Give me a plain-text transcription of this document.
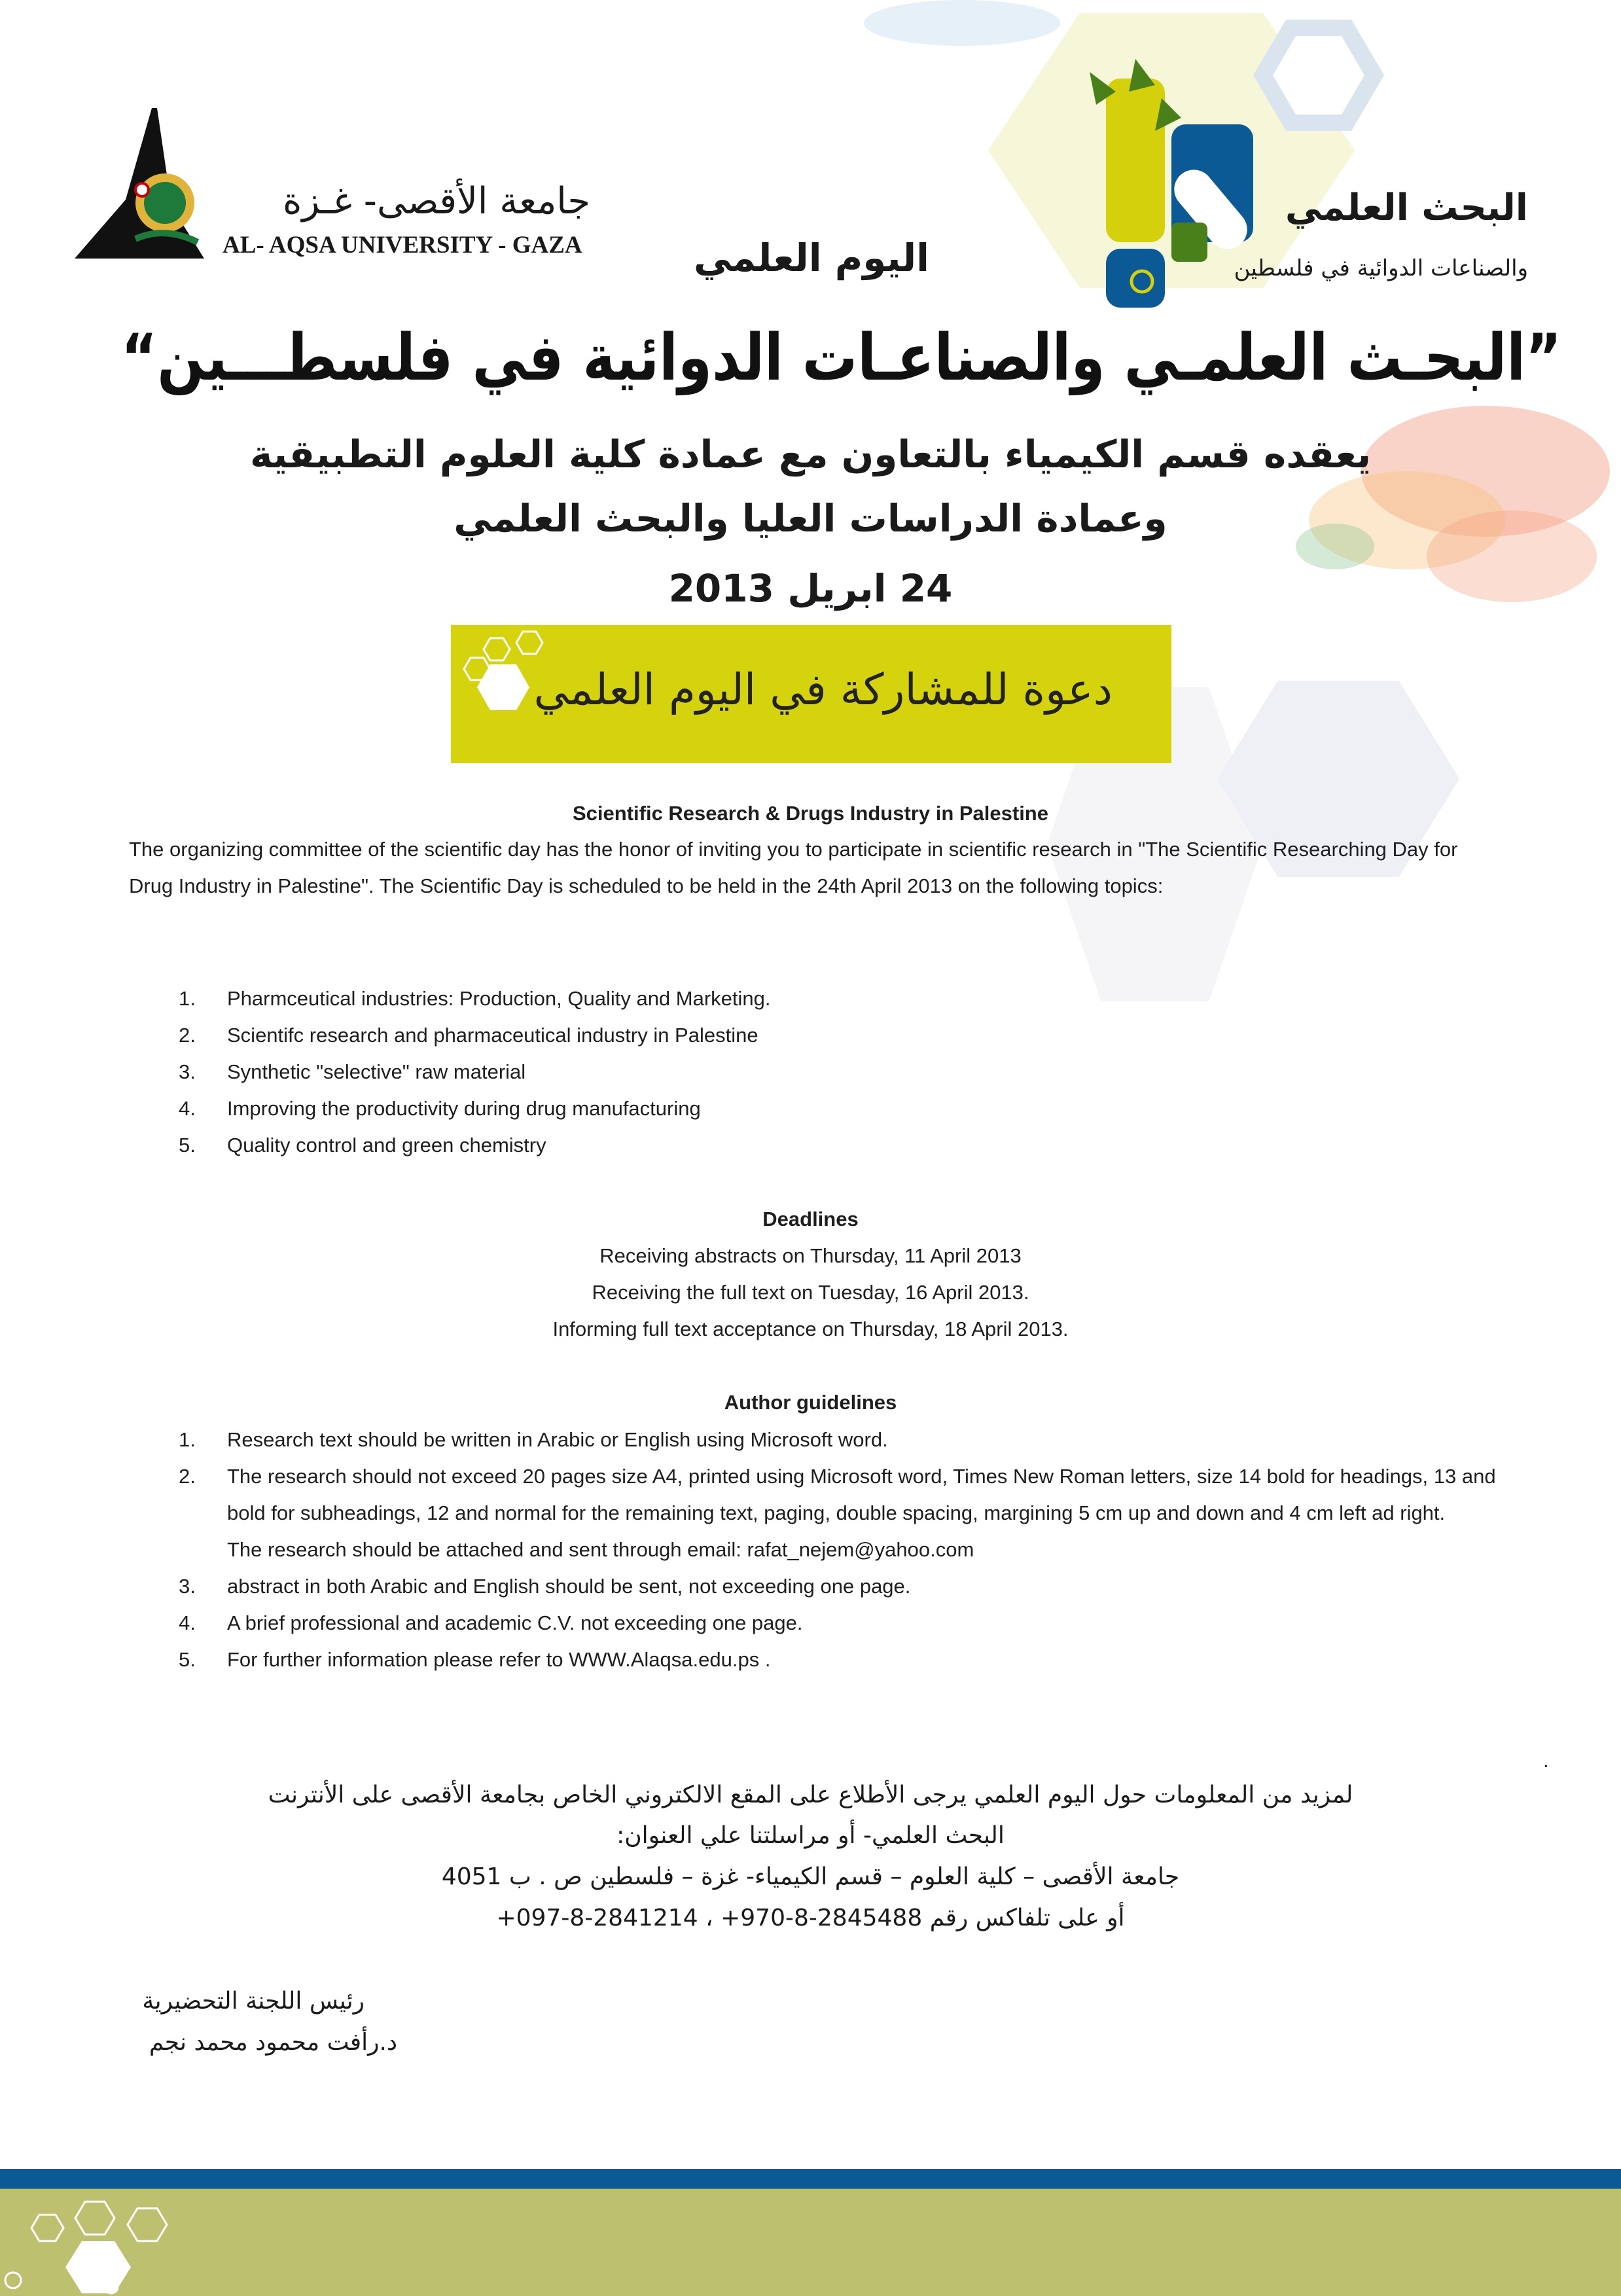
جامعة الأقصى- غـزة
AL- AQSA UNIVERSITY - GAZA
البحث العلمي
والصناعات الدوائية في فلسطين
اليوم العلمي
”البحـث العلمـي والصناعـات الدوائية في فلسطـــين“
يعقده قسم الكيمياء بالتعاون مع عمادة كلية العلوم التطبيقية
وعمادة الدراسات العليا والبحث العلمي
24 ابريل 2013
دعوة للمشاركة في اليوم العلمي
Scientific Research & Drugs Industry in Palestine
The organizing committee of the scientific day has the honor of inviting you to participate in scientific research in "The Scientific Researching Day for
Drug Industry in Palestine". The Scientific Day is scheduled to be held in the 24th April 2013 on the following topics:
1.	Pharmceutical industries: Production, Quality and Marketing.
2.	Scientifc research and pharmaceutical industry in Palestine
3.	Synthetic "selective" raw material
4.	Improving the productivity during drug manufacturing
5.	Quality control and green chemistry
Deadlines
Receiving abstracts on Thursday, 11 April 2013
Receiving the full text on Tuesday, 16 April 2013.
Informing full text acceptance on Thursday, 18 April 2013.
Author guidelines
1.	Research text should be written in Arabic or English using Microsoft word.
2.	The research should not exceed 20 pages size A4, printed using Microsoft word, Times New Roman letters, size 14 bold for headings, 13 and
bold for subheadings, 12 and normal for the remaining text, paging, double spacing, margining 5 cm up and down and 4 cm left ad right.
The research should be attached and sent through email: rafat_nejem@yahoo.com
3.	abstract in both Arabic and English should be sent, not exceeding one page.
4.	A brief professional and academic C.V. not exceeding one page.
5.	For further information please refer to WWW.Alaqsa.edu.ps .
.
لمزيد من المعلومات حول اليوم العلمي يرجى الأطلاع على المقع الالكتروني الخاص بجامعة الأقصى على الأنترنت
البحث العلمي- أو مراسلتنا علي العنوان:
جامعة الأقصى – كلية العلوم – قسم الكيمياء- غزة – فلسطين ص . ب 4051
أو على تلفاكس رقم 2845488-8-970+ ، 2841214-8-097+
رئيس اللجنة التحضيرية
د.رأفت محمود محمد نجم
